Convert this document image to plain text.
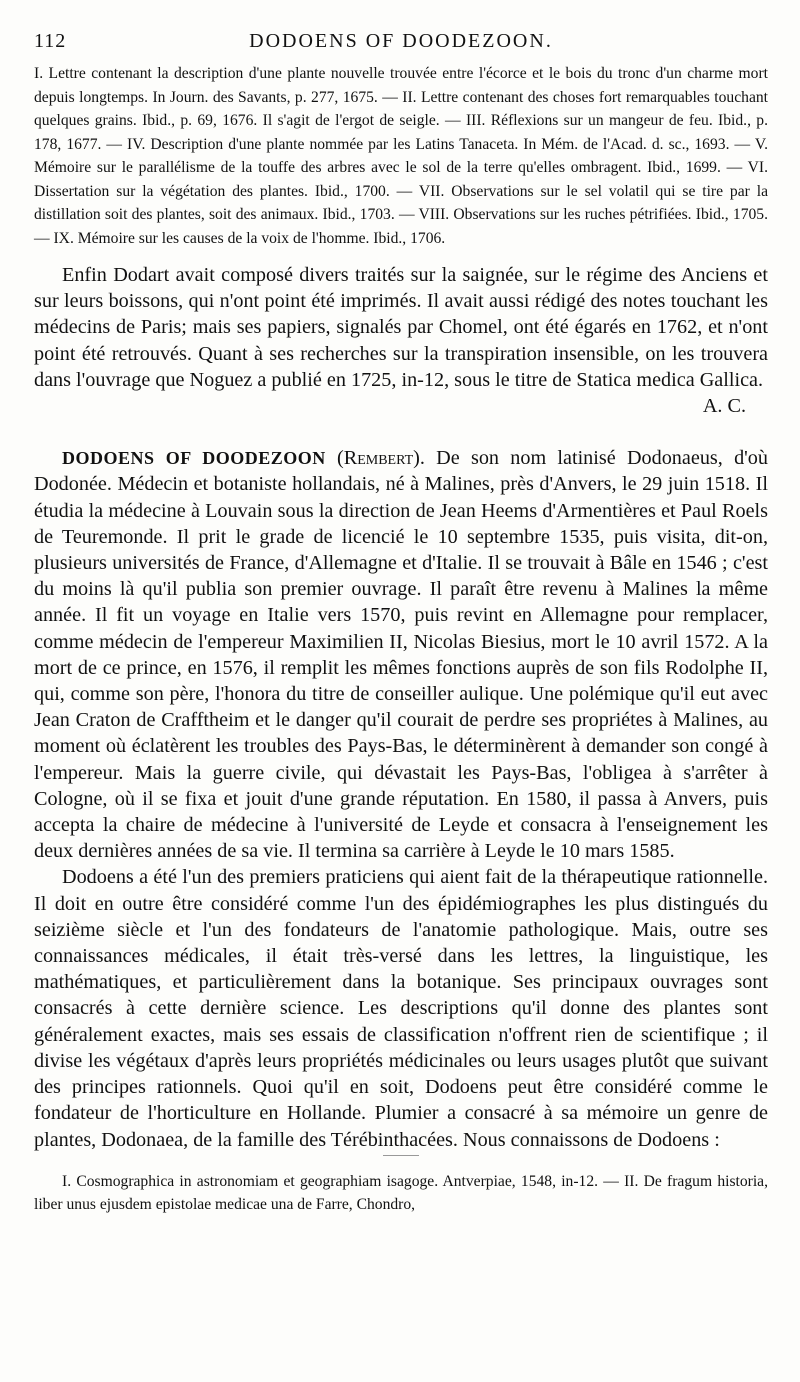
112	DODOENS OF DOODEZOON.

I. Lettre contenant la description d'une plante nouvelle trouvée entre l'écorce et le bois du tronc d'un charme mort depuis longtemps. In Journ. des Savants, p. 277, 1675. — II. Lettre contenant des choses fort remarquables touchant quelques grains. Ibid., p. 69, 1676. Il s'agit de l'ergot de seigle. — III. Réflexions sur un mangeur de feu. Ibid., p. 178, 1677. — IV. Description d'une plante nommée par les Latins Tanaceta. In Mém. de l'Acad. d. sc., 1693. — V. Mémoire sur le parallélisme de la touffe des arbres avec le sol de la terre qu'elles ombragent. Ibid., 1699. — VI. Dissertation sur la végétation des plantes. Ibid., 1700. — VII. Observations sur le sel volatil qui se tire par la distillation soit des plantes, soit des animaux. Ibid., 1703. — VIII. Observations sur les ruches pétrifiées. Ibid., 1705. — IX. Mémoire sur les causes de la voix de l'homme. Ibid., 1706.

Enfin Dodart avait composé divers traités sur la saignée, sur le régime des Anciens et sur leurs boissons, qui n'ont point été imprimés. Il avait aussi rédigé des notes touchant les médecins de Paris; mais ses papiers, signalés par Chomel, ont été égarés en 1762, et n'ont point été retrouvés. Quant à ses recherches sur la transpiration insensible, on les trouvera dans l'ouvrage que Noguez a publié en 1725, in-12, sous le titre de Statica medica Gallica.

A. C.

DODOENS OF DOODEZOON (Rembert). De son nom latinisé Dodonaeus, d'où Dodonée. Médecin et botaniste hollandais, né à Malines, près d'Anvers, le 29 juin 1518. Il étudia la médecine à Louvain sous la direction de Jean Heems d'Armentières et Paul Roels de Teuremonde. Il prit le grade de licencié le 10 septembre 1535, puis visita, dit-on, plusieurs universités de France, d'Allemagne et d'Italie. Il se trouvait à Bâle en 1546 ; c'est du moins là qu'il publia son premier ouvrage. Il paraît être revenu à Malines la même année. Il fit un voyage en Italie vers 1570, puis revint en Allemagne pour remplacer, comme médecin de l'empereur Maximilien II, Nicolas Biesius, mort le 10 avril 1572. A la mort de ce prince, en 1576, il remplit les mêmes fonctions auprès de son fils Rodolphe II, qui, comme son père, l'honora du titre de conseiller aulique. Une polémique qu'il eut avec Jean Craton de Crafftheim et le danger qu'il courait de perdre ses propriétes à Malines, au moment où éclatèrent les troubles des Pays-Bas, le déterminèrent à demander son congé à l'empereur. Mais la guerre civile, qui dévastait les Pays-Bas, l'obligea à s'arrêter à Cologne, où il se fixa et jouit d'une grande réputation. En 1580, il passa à Anvers, puis accepta la chaire de médecine à l'université de Leyde et consacra à l'enseignement les deux dernières années de sa vie. Il termina sa carrière à Leyde le 10 mars 1585.

Dodoens a été l'un des premiers praticiens qui aient fait de la thérapeutique rationnelle. Il doit en outre être considéré comme l'un des épidémiographes les plus distingués du seizième siècle et l'un des fondateurs de l'anatomie pathologique. Mais, outre ses connaissances médicales, il était très-versé dans les lettres, la linguistique, les mathématiques, et particulièrement dans la botanique. Ses principaux ouvrages sont consacrés à cette dernière science. Les descriptions qu'il donne des plantes sont généralement exactes, mais ses essais de classification n'offrent rien de scientifique ; il divise les végétaux d'après leurs propriétés médicinales ou leurs usages plutôt que suivant des principes rationnels. Quoi qu'il en soit, Dodoens peut être considéré comme le fondateur de l'horticulture en Hollande. Plumier a consacré à sa mémoire un genre de plantes, Dodonaea, de la famille des Térébinthacées. Nous connaissons de Dodoens :

I. Cosmographica in astronomiam et geographiam isagoge. Antverpiae, 1548, in-12. — II. De fragum historia, liber unus ejusdem epistolae medicae una de Farre, Chondro,
